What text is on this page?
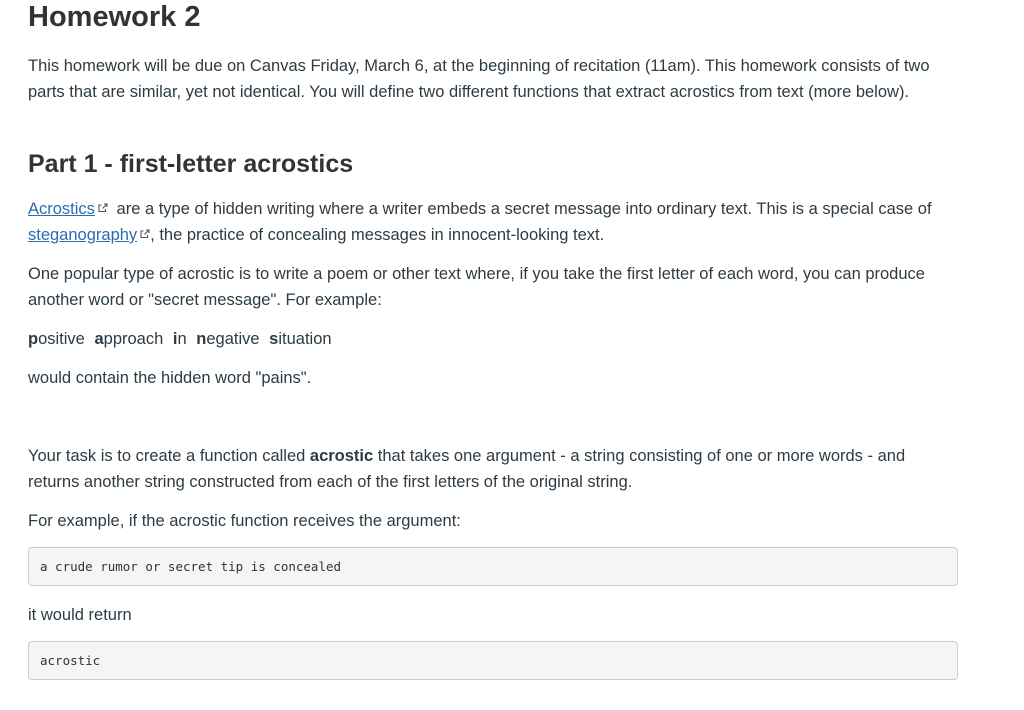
Homework 2

This homework will be due on Canvas Friday, March 6, at the beginning of recitation (11am). This homework consists of two parts that are similar, yet not identical. You will define two different functions that extract acrostics from text (more below).

Part 1 - first-letter acrostics

Acrostics are a type of hidden writing where a writer embeds a secret message into ordinary text. This is a special case of steganography , the practice of concealing messages in innocent-looking text.

One popular type of acrostic is to write a poem or other text where, if you take the first letter of each word, you can produce another word or "secret message". For example:

positive approach in negative situation

would contain the hidden word "pains".

Your task is to create a function called acrostic that takes one argument - a string consisting of one or more words - and returns another string constructed from each of the first letters of the original string.

For example, if the acrostic function receives the argument:

a crude rumor or secret tip is concealed

it would return

acrostic
